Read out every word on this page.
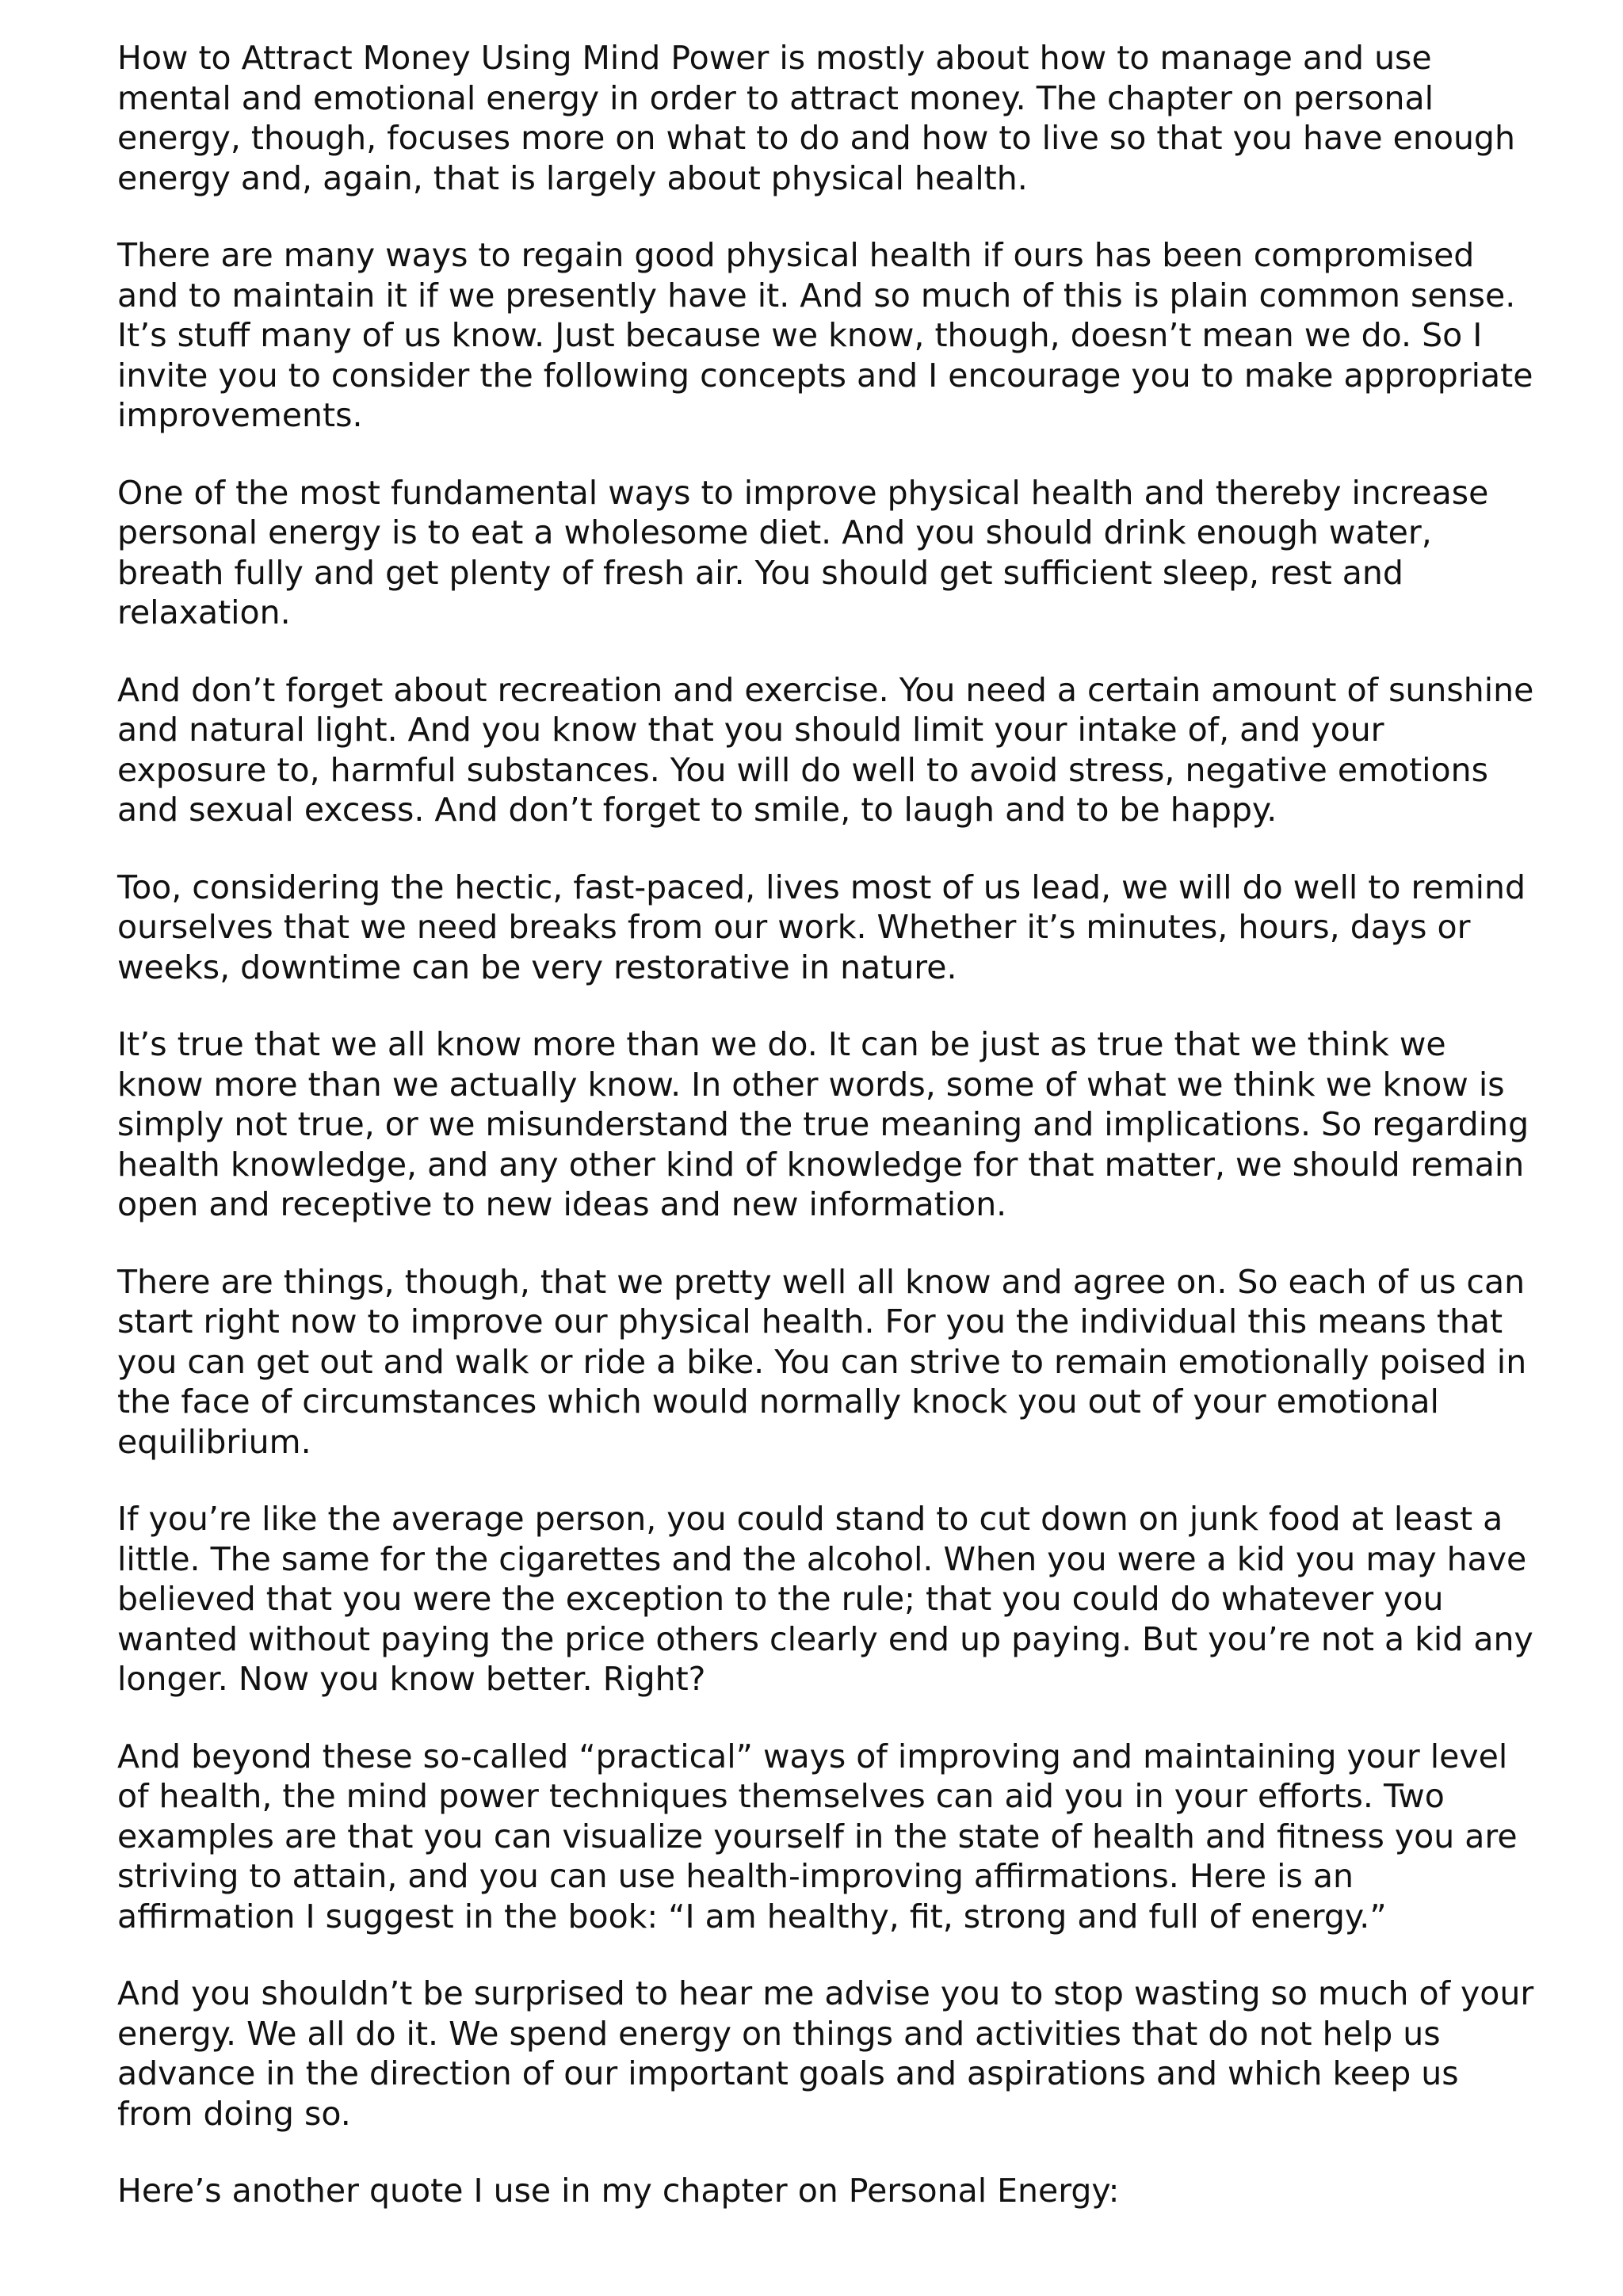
How to Attract Money Using Mind Power is mostly about how to manage and use mental and emotional energy in order to attract money. The chapter on personal energy, though, focuses more on what to do and how to live so that you have enough energy and, again, that is largely about physical health.

There are many ways to regain good physical health if ours has been compromised and to maintain it if we presently have it. And so much of this is plain common sense. It’s stuff many of us know. Just because we know, though, doesn’t mean we do. So I invite you to consider the following concepts and I encourage you to make appropriate improvements.

One of the most fundamental ways to improve physical health and thereby increase personal energy is to eat a wholesome diet. And you should drink enough water, breath fully and get plenty of fresh air. You should get sufficient sleep, rest and relaxation.

And don’t forget about recreation and exercise. You need a certain amount of sunshine and natural light. And you know that you should limit your intake of, and your exposure to, harmful substances. You will do well to avoid stress, negative emotions and sexual excess. And don’t forget to smile, to laugh and to be happy.

Too, considering the hectic, fast-paced, lives most of us lead, we will do well to remind ourselves that we need breaks from our work. Whether it’s minutes, hours, days or weeks, downtime can be very restorative in nature.

It’s true that we all know more than we do. It can be just as true that we think we know more than we actually know. In other words, some of what we think we know is simply not true, or we misunderstand the true meaning and implications. So regarding health knowledge, and any other kind of knowledge for that matter, we should remain open and receptive to new ideas and new information.

There are things, though, that we pretty well all know and agree on. So each of us can start right now to improve our physical health. For you the individual this means that you can get out and walk or ride a bike. You can strive to remain emotionally poised in the face of circumstances which would normally knock you out of your emotional equilibrium.

If you’re like the average person, you could stand to cut down on junk food at least a little. The same for the cigarettes and the alcohol. When you were a kid you may have believed that you were the exception to the rule; that you could do whatever you wanted without paying the price others clearly end up paying. But you’re not a kid any longer. Now you know better. Right?

And beyond these so-called “practical” ways of improving and maintaining your level of health, the mind power techniques themselves can aid you in your efforts. Two examples are that you can visualize yourself in the state of health and fitness you are striving to attain, and you can use health-improving affirmations. Here is an affirmation I suggest in the book: “I am healthy, fit, strong and full of energy.”

And you shouldn’t be surprised to hear me advise you to stop wasting so much of your energy. We all do it. We spend energy on things and activities that do not help us advance in the direction of our important goals and aspirations and which keep us from doing so.

Here’s another quote I use in my chapter on Personal Energy:
